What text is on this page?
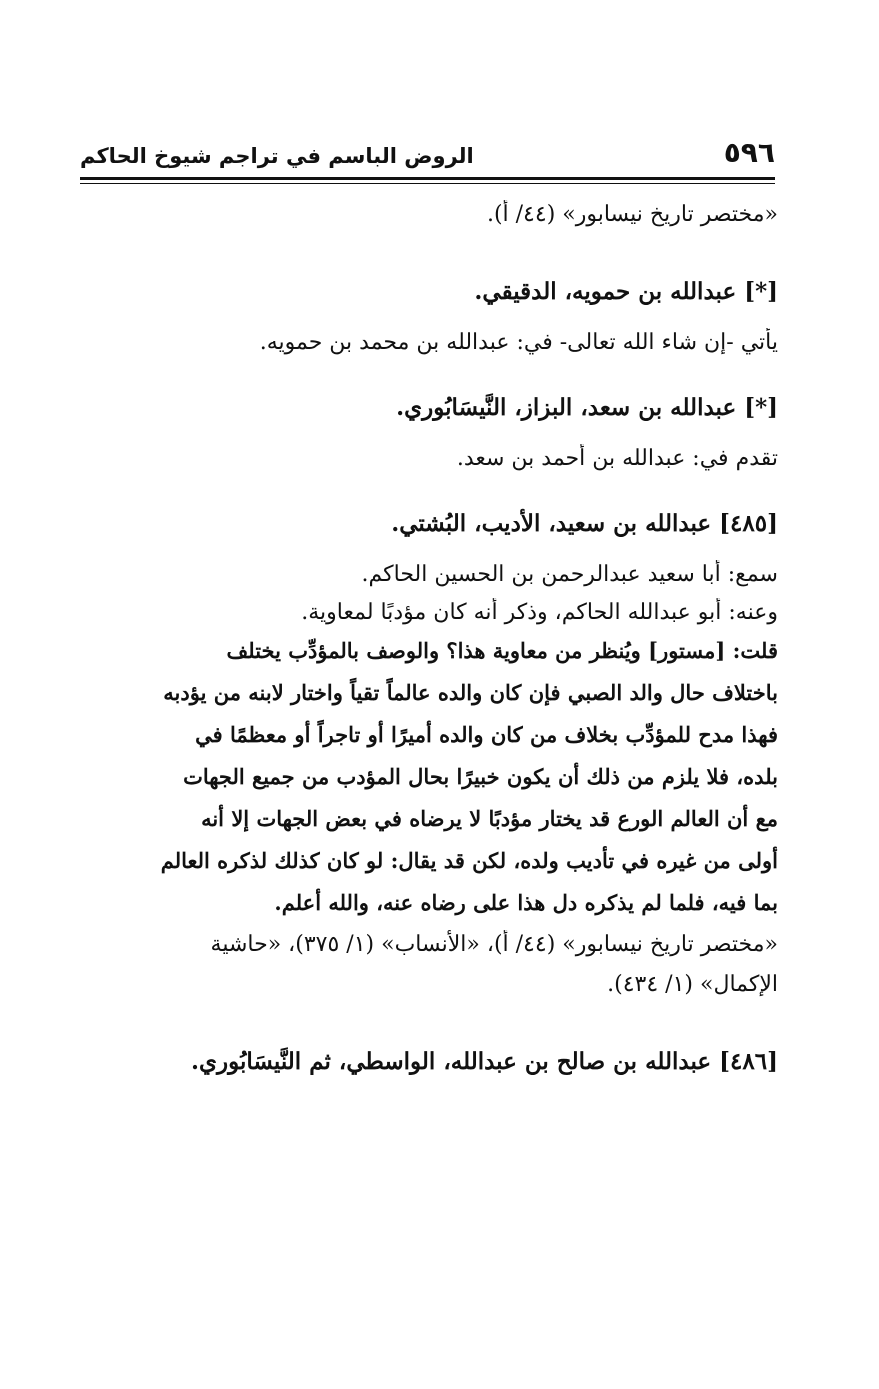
٥٩٦
الروض الباسم في تراجم شيوخ الحاكم
«مختصر تاريخ نيسابور» (٤٤/ أ).
[*] عبدالله بن حمويه، الدقيقي.
يأتي -إن شاء الله تعالى- في: عبدالله بن محمد بن حمويه.
[*] عبدالله بن سعد، البزاز، النَّيسَابُوري.
تقدم في: عبدالله بن أحمد بن سعد.
[٤٨٥] عبدالله بن سعيد، الأديب، البُشتي.
سمع: أبا سعيد عبدالرحمن بن الحسين الحاكم.
وعنه: أبو عبدالله الحاكم، وذكر أنه كان مؤدبًا لمعاوية.
قلت: [مستور] ويُنظر من معاوية هذا؟ والوصف بالمؤدِّب يختلف
باختلاف حال والد الصبي فإن كان والده عالماً تقياً واختار لابنه من يؤدبه
فهذا مدح للمؤدِّب بخلاف من كان والده أميرًا أو تاجراً أو معظمًا في
بلده، فلا يلزم من ذلك أن يكون خبيرًا بحال المؤدب من جميع الجهات
مع أن العالم الورع قد يختار مؤدبًا لا يرضاه في بعض الجهات إلا أنه
أولى من غيره في تأديب ولده، لكن قد يقال: لو كان كذلك لذكره العالم
بما فيه، فلما لم يذكره دل هذا على رضاه عنه، والله أعلم.
«مختصر تاريخ نيسابور» (٤٤/ أ)، «الأنساب» (١/ ٣٧٥)، «حاشية
الإكمال» (١/ ٤٣٤).
[٤٨٦] عبدالله بن صالح بن عبدالله، الواسطي، ثم النَّيسَابُوري.
